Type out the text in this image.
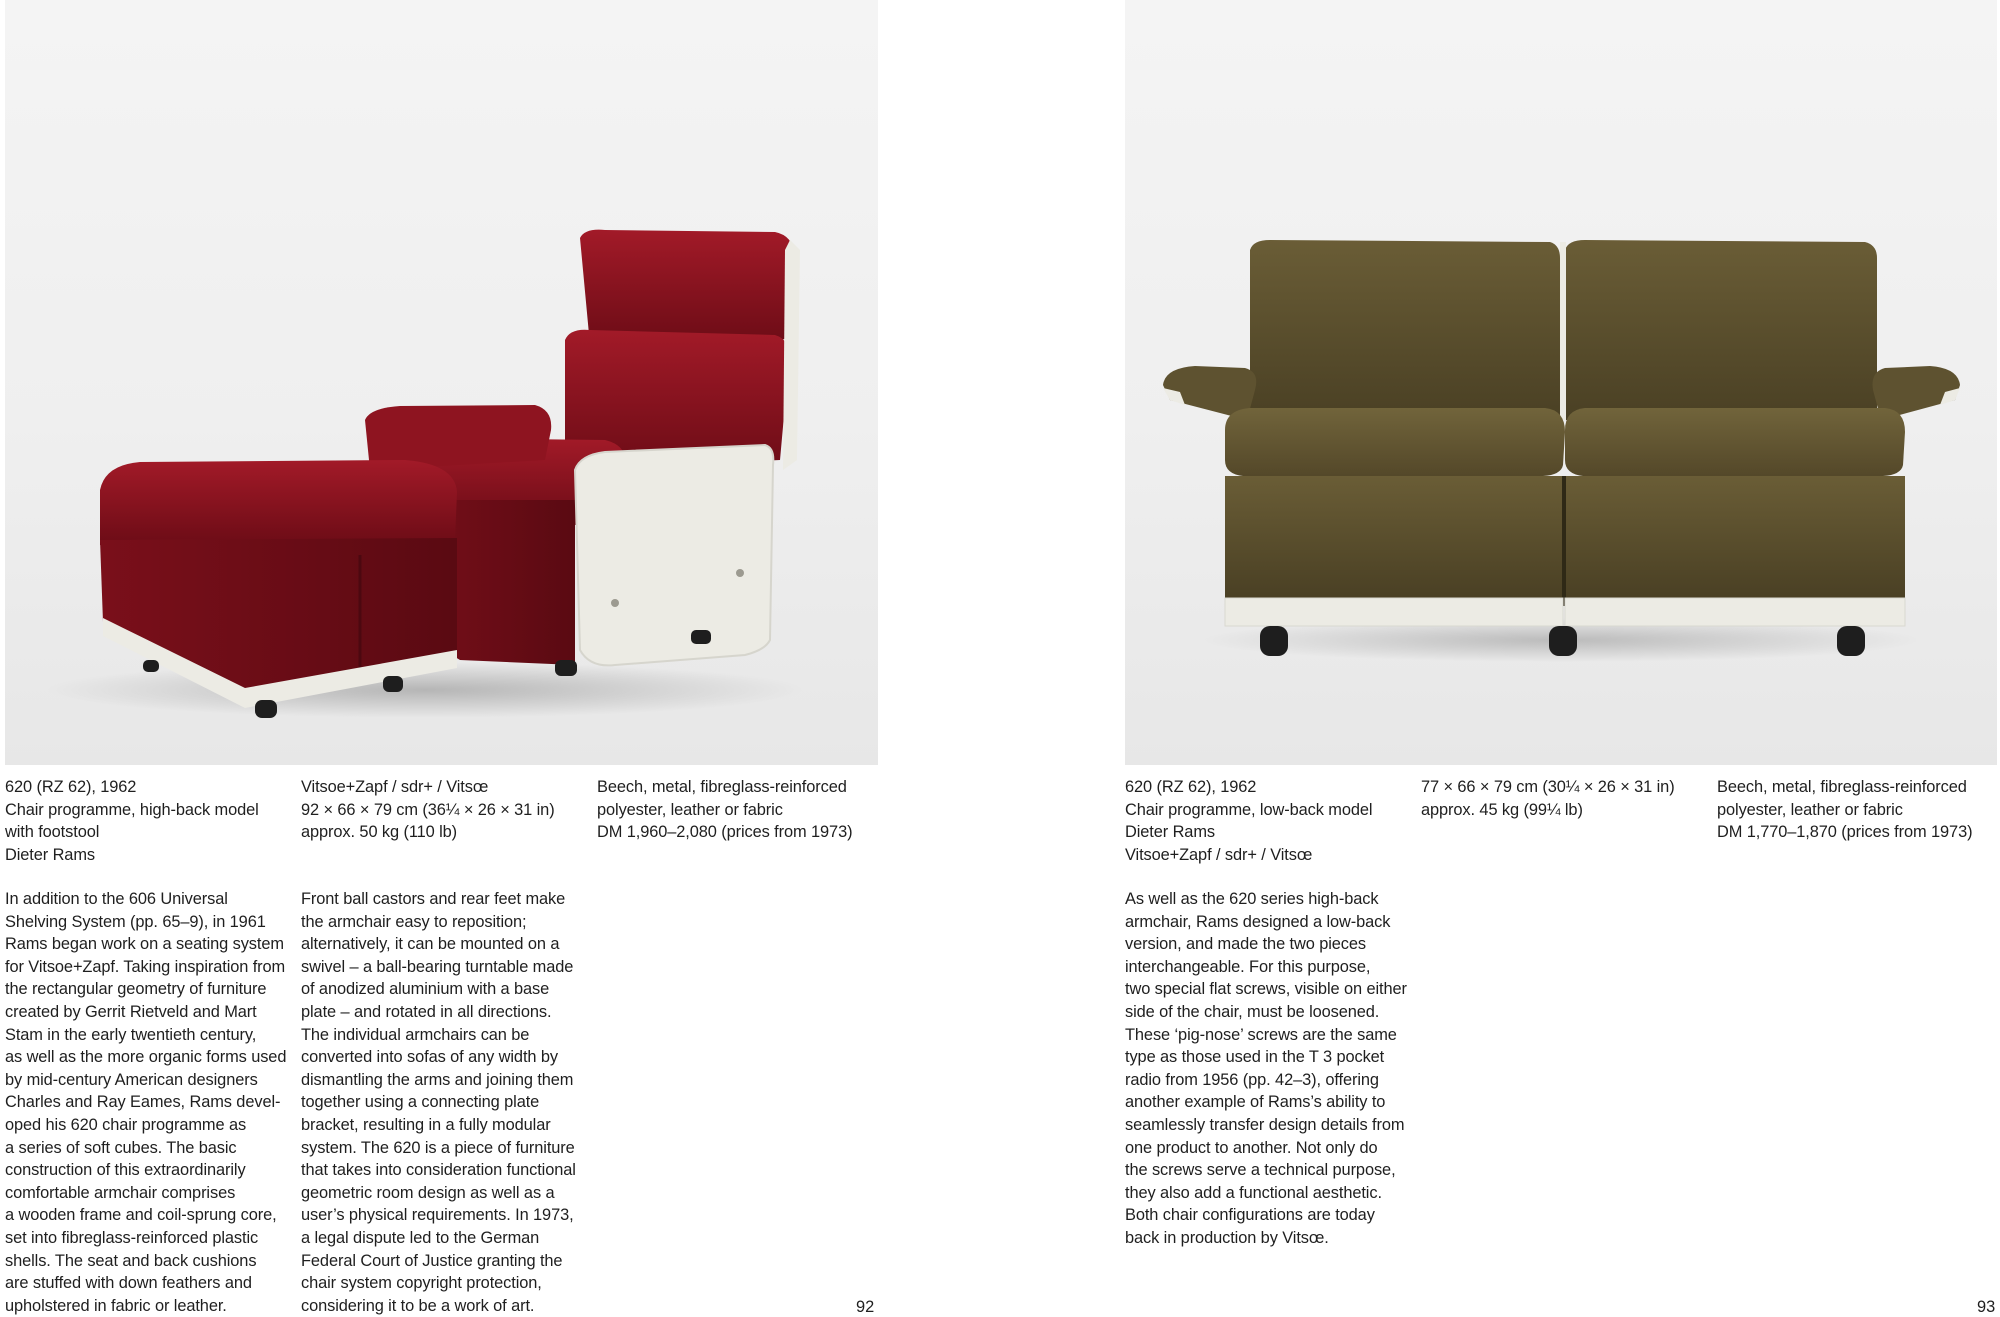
620 (RZ 62), 1962
Chair programme, high-back model
with footstool
Dieter Rams
Vitsoe+Zapf / sdr+ / Vitsœ
92 × 66 × 79 cm (36¼ × 26 × 31 in)
approx. 50 kg (110 lb)
Beech, metal, fibreglass-reinforced
polyester, leather or fabric
DM 1,960–2,080 (prices from 1973)
In addition to the 606 Universal
Shelving System (pp. 65–9), in 1961
Rams began work on a seating system
for Vitsoe+Zapf. Taking inspiration from
the rectangular geometry of furniture
created by Gerrit Rietveld and Mart
Stam in the early twentieth century,
as well as the more organic forms used
by mid-century American designers
Charles and Ray Eames, Rams devel-
oped his 620 chair programme as
a series of soft cubes. The basic
construction of this extraordinarily
comfortable armchair comprises
a wooden frame and coil-sprung core,
set into fibreglass-reinforced plastic
shells. The seat and back cushions
are stuffed with down feathers and
upholstered in fabric or leather.
Front ball castors and rear feet make
the armchair easy to reposition;
alternatively, it can be mounted on a
swivel – a ball-bearing turntable made
of anodized aluminium with a base
plate – and rotated in all directions.
The individual armchairs can be
converted into sofas of any width by
dismantling the arms and joining them
together using a connecting plate
bracket, resulting in a fully modular
system. The 620 is a piece of furniture
that takes into consideration functional
geometric room design as well as a
user’s physical requirements. In 1973,
a legal dispute led to the German
Federal Court of Justice granting the
chair system copyright protection,
considering it to be a work of art.	92
620 (RZ 62), 1962
Chair programme, low-back model
Dieter Rams
Vitsoe+Zapf / sdr+ / Vitsœ
77 × 66 × 79 cm (30¼ × 26 × 31 in)
approx. 45 kg (99¼ lb)
Beech, metal, fibreglass-reinforced
polyester, leather or fabric
DM 1,770–1,870 (prices from 1973)
As well as the 620 series high-back
armchair, Rams designed a low-back
version, and made the two pieces
interchangeable. For this purpose,
two special flat screws, visible on either
side of the chair, must be loosened.
These ‘pig-nose’ screws are the same
type as those used in the T 3 pocket
radio from 1956 (pp. 42–3), offering
another example of Rams’s ability to
seamlessly transfer design details from
one product to another. Not only do
the screws serve a technical purpose,
they also add a functional aesthetic.
Both chair configurations are today
back in production by Vitsœ.
93
